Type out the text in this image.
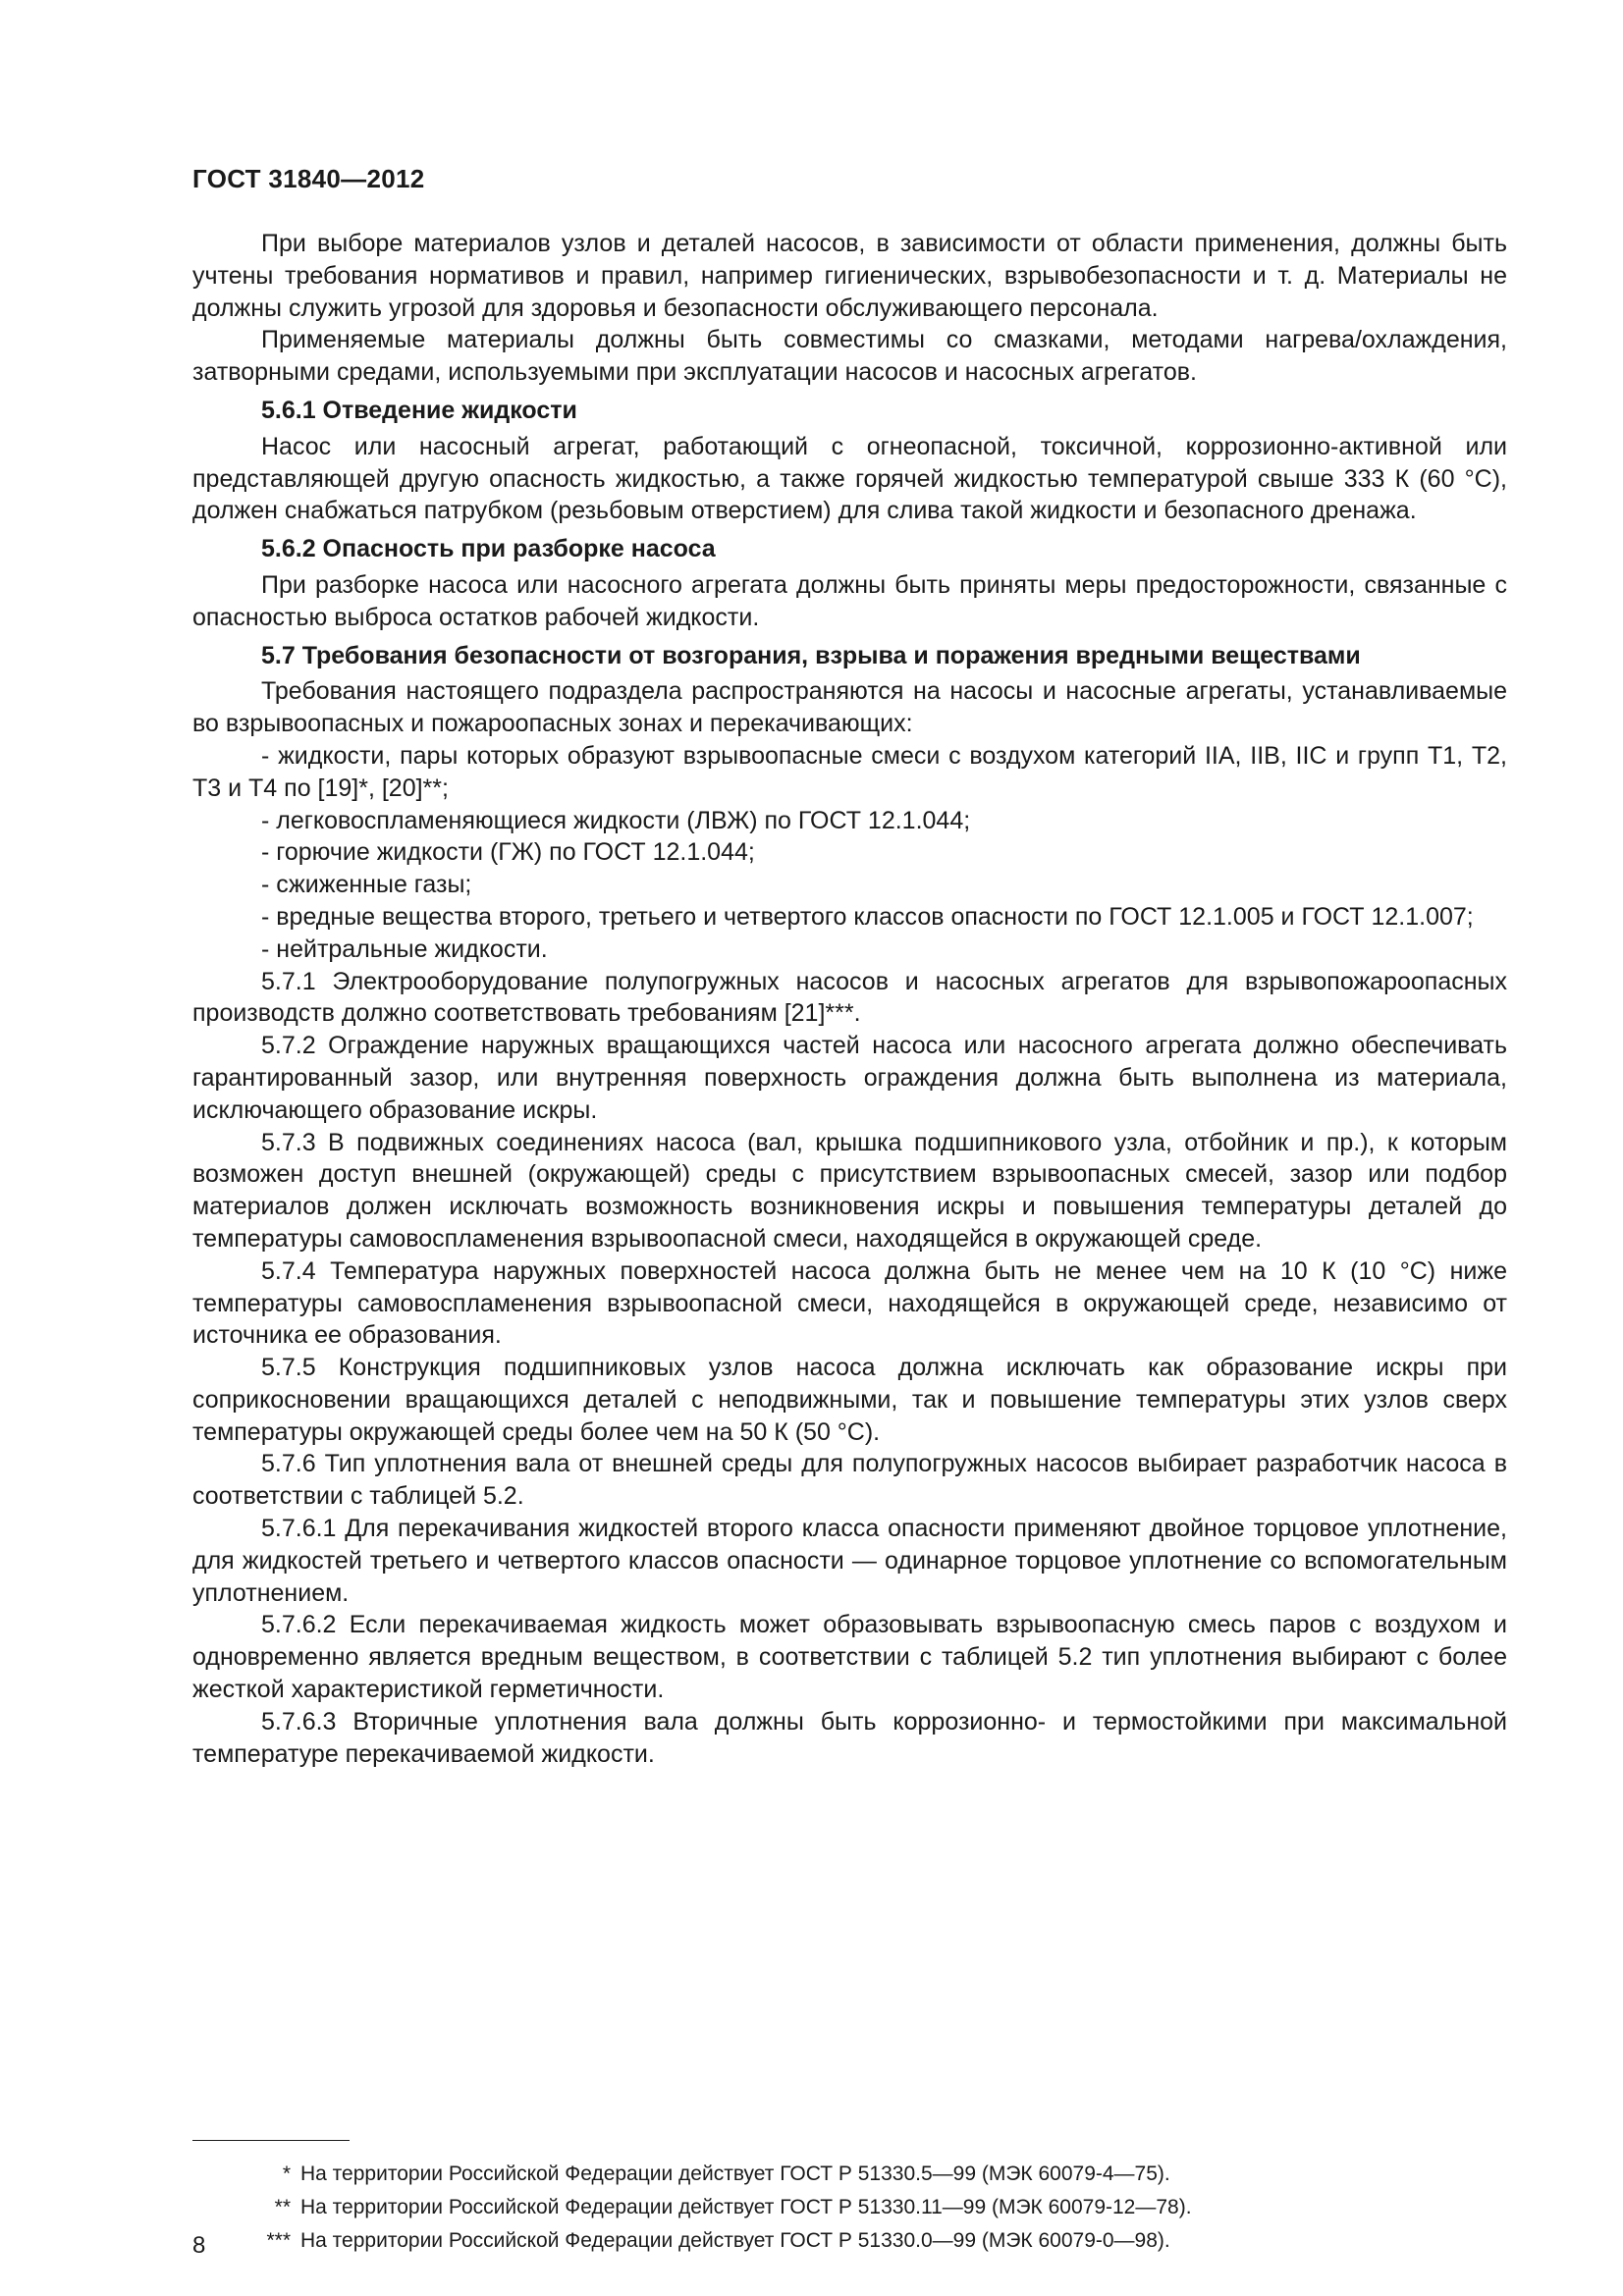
ГОСТ 31840—2012

При выборе материалов узлов и деталей насосов, в зависимости от области применения, должны быть учтены требования нормативов и правил, например гигиенических, взрывобезопасности и т. д. Материалы не должны служить угрозой для здоровья и безопасности обслуживающего персонала.

Применяемые материалы должны быть совместимы со смазками, методами нагрева/охлаждения, затворными средами, используемыми при эксплуатации насосов и насосных агрегатов.

5.6.1 Отведение жидкости

Насос или насосный агрегат, работающий с огнеопасной, токсичной, коррозионно-активной или представляющей другую опасность жидкостью, а также горячей жидкостью температурой свыше 333 К (60 °С), должен снабжаться патрубком (резьбовым отверстием) для слива такой жидкости и безопасного дренажа.

5.6.2 Опасность при разборке насоса

При разборке насоса или насосного агрегата должны быть приняты меры предосторожности, связанные с опасностью выброса остатков рабочей жидкости.

5.7 Требования безопасности от возгорания, взрыва и поражения вредными веществами

Требования настоящего подраздела распространяются на насосы и насосные агрегаты, устанавливаемые во взрывоопасных и пожароопасных зонах и перекачивающих:

- жидкости, пары которых образуют взрывоопасные смеси с воздухом категорий IIA, IIB, IIC и групп Т1, Т2, Т3 и Т4 по [19]*, [20]**;

- легковоспламеняющиеся жидкости (ЛВЖ) по ГОСТ 12.1.044;

- горючие жидкости (ГЖ) по ГОСТ 12.1.044;

- сжиженные газы;

- вредные вещества второго, третьего и четвертого классов опасности по ГОСТ 12.1.005 и ГОСТ 12.1.007;

- нейтральные жидкости.

5.7.1 Электрооборудование полупогружных насосов и насосных агрегатов для взрывопожароопасных производств должно соответствовать требованиям [21]***.

5.7.2 Ограждение наружных вращающихся частей насоса или насосного агрегата должно обеспечивать гарантированный зазор, или внутренняя поверхность ограждения должна быть выполнена из материала, исключающего образование искры.

5.7.3 В подвижных соединениях насоса (вал, крышка подшипникового узла, отбойник и пр.), к которым возможен доступ внешней (окружающей) среды с присутствием взрывоопасных смесей, зазор или подбор материалов должен исключать возможность возникновения искры и повышения температуры деталей до температуры самовоспламенения взрывоопасной смеси, находящейся в окружающей среде.

5.7.4 Температура наружных поверхностей насоса должна быть не менее чем на 10 К (10 °С) ниже температуры самовоспламенения взрывоопасной смеси, находящейся в окружающей среде, независимо от источника ее образования.

5.7.5 Конструкция подшипниковых узлов насоса должна исключать как образование искры при соприкосновении вращающихся деталей с неподвижными, так и повышение температуры этих узлов сверх температуры окружающей среды более чем на 50 К (50 °С).

5.7.6 Тип уплотнения вала от внешней среды для полупогружных насосов выбирает разработчик насоса в соответствии с таблицей 5.2.

5.7.6.1 Для перекачивания жидкостей второго класса опасности применяют двойное торцовое уплотнение, для жидкостей третьего и четвертого классов опасности — одинарное торцовое уплотнение со вспомогательным уплотнением.

5.7.6.2 Если перекачиваемая жидкость может образовывать взрывоопасную смесь паров с воздухом и одновременно является вредным веществом, в соответствии с таблицей 5.2 тип уплотнения выбирают с более жесткой характеристикой герметичности.

5.7.6.3 Вторичные уплотнения вала должны быть коррозионно- и термостойкими при максимальной температуре перекачиваемой жидкости.

* На территории Российской Федерации действует ГОСТ Р 51330.5—99 (МЭК 60079-4—75).
** На территории Российской Федерации действует ГОСТ Р 51330.11—99 (МЭК 60079-12—78).
*** На территории Российской Федерации действует ГОСТ Р 51330.0—99 (МЭК 60079-0—98).
8
